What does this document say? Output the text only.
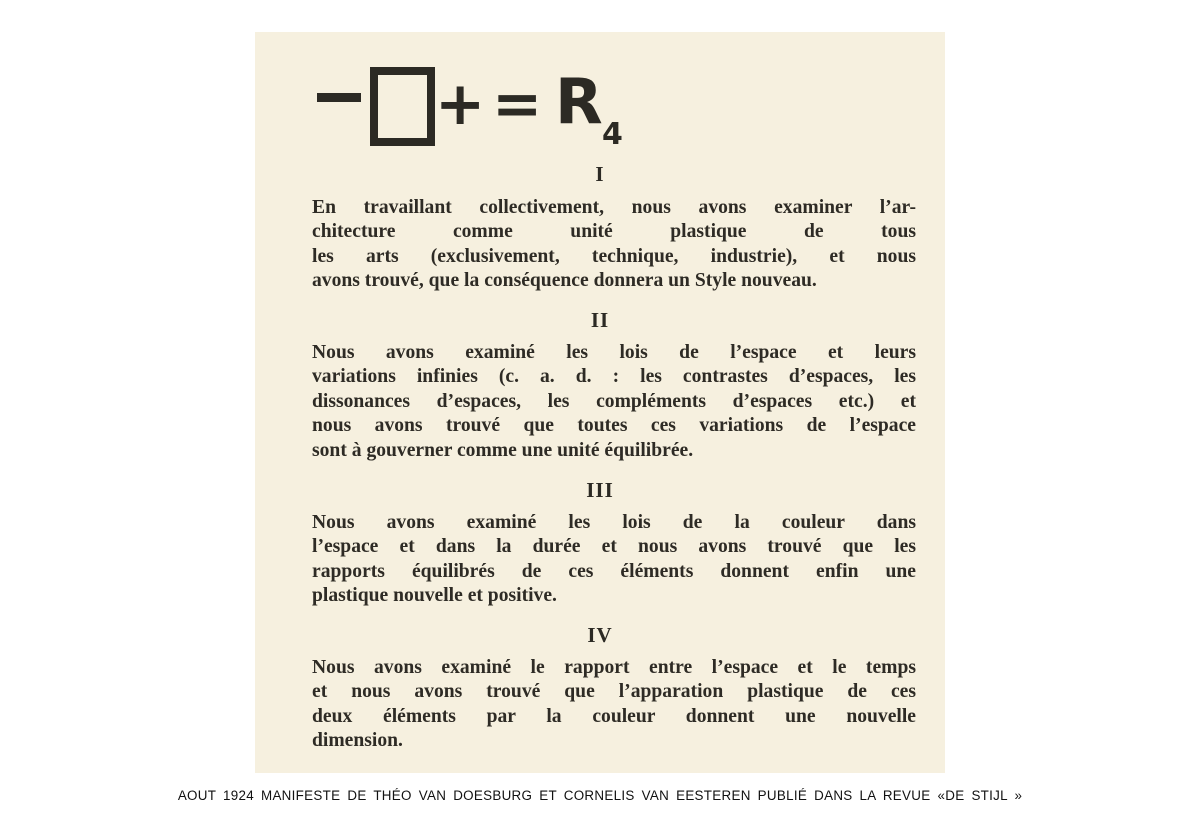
+ = R 4
I
En travaillant collectivement, nous avons examiner l’ar-
chitecture comme unité plastique de tous
les arts (exclusivement, technique, industrie), et nous
avons trouvé, que la conséquence donnera un Style nouveau.
II
Nous avons examiné les lois de l’espace et leurs
variations infinies (c. a. d. : les contrastes d’espaces, les
dissonances d’espaces, les compléments d’espaces etc.) et
nous avons trouvé que toutes ces variations de l’espace
sont à gouverner comme une unité équilibrée.
III
Nous avons examiné les lois de la couleur dans
l’espace et dans la durée et nous avons trouvé que les
rapports équilibrés de ces éléments donnent enfin une
plastique nouvelle et positive.
IV
Nous avons examiné le rapport entre l’espace et le temps
et nous avons trouvé que l’apparation plastique de ces
deux éléments par la couleur donnent une nouvelle
dimension.
AOUT 1924 MANIFESTE DE THÉO VAN DOESBURG ET CORNELIS VAN EESTEREN PUBLIÉ DANS LA REVUE «DE STIJL »
